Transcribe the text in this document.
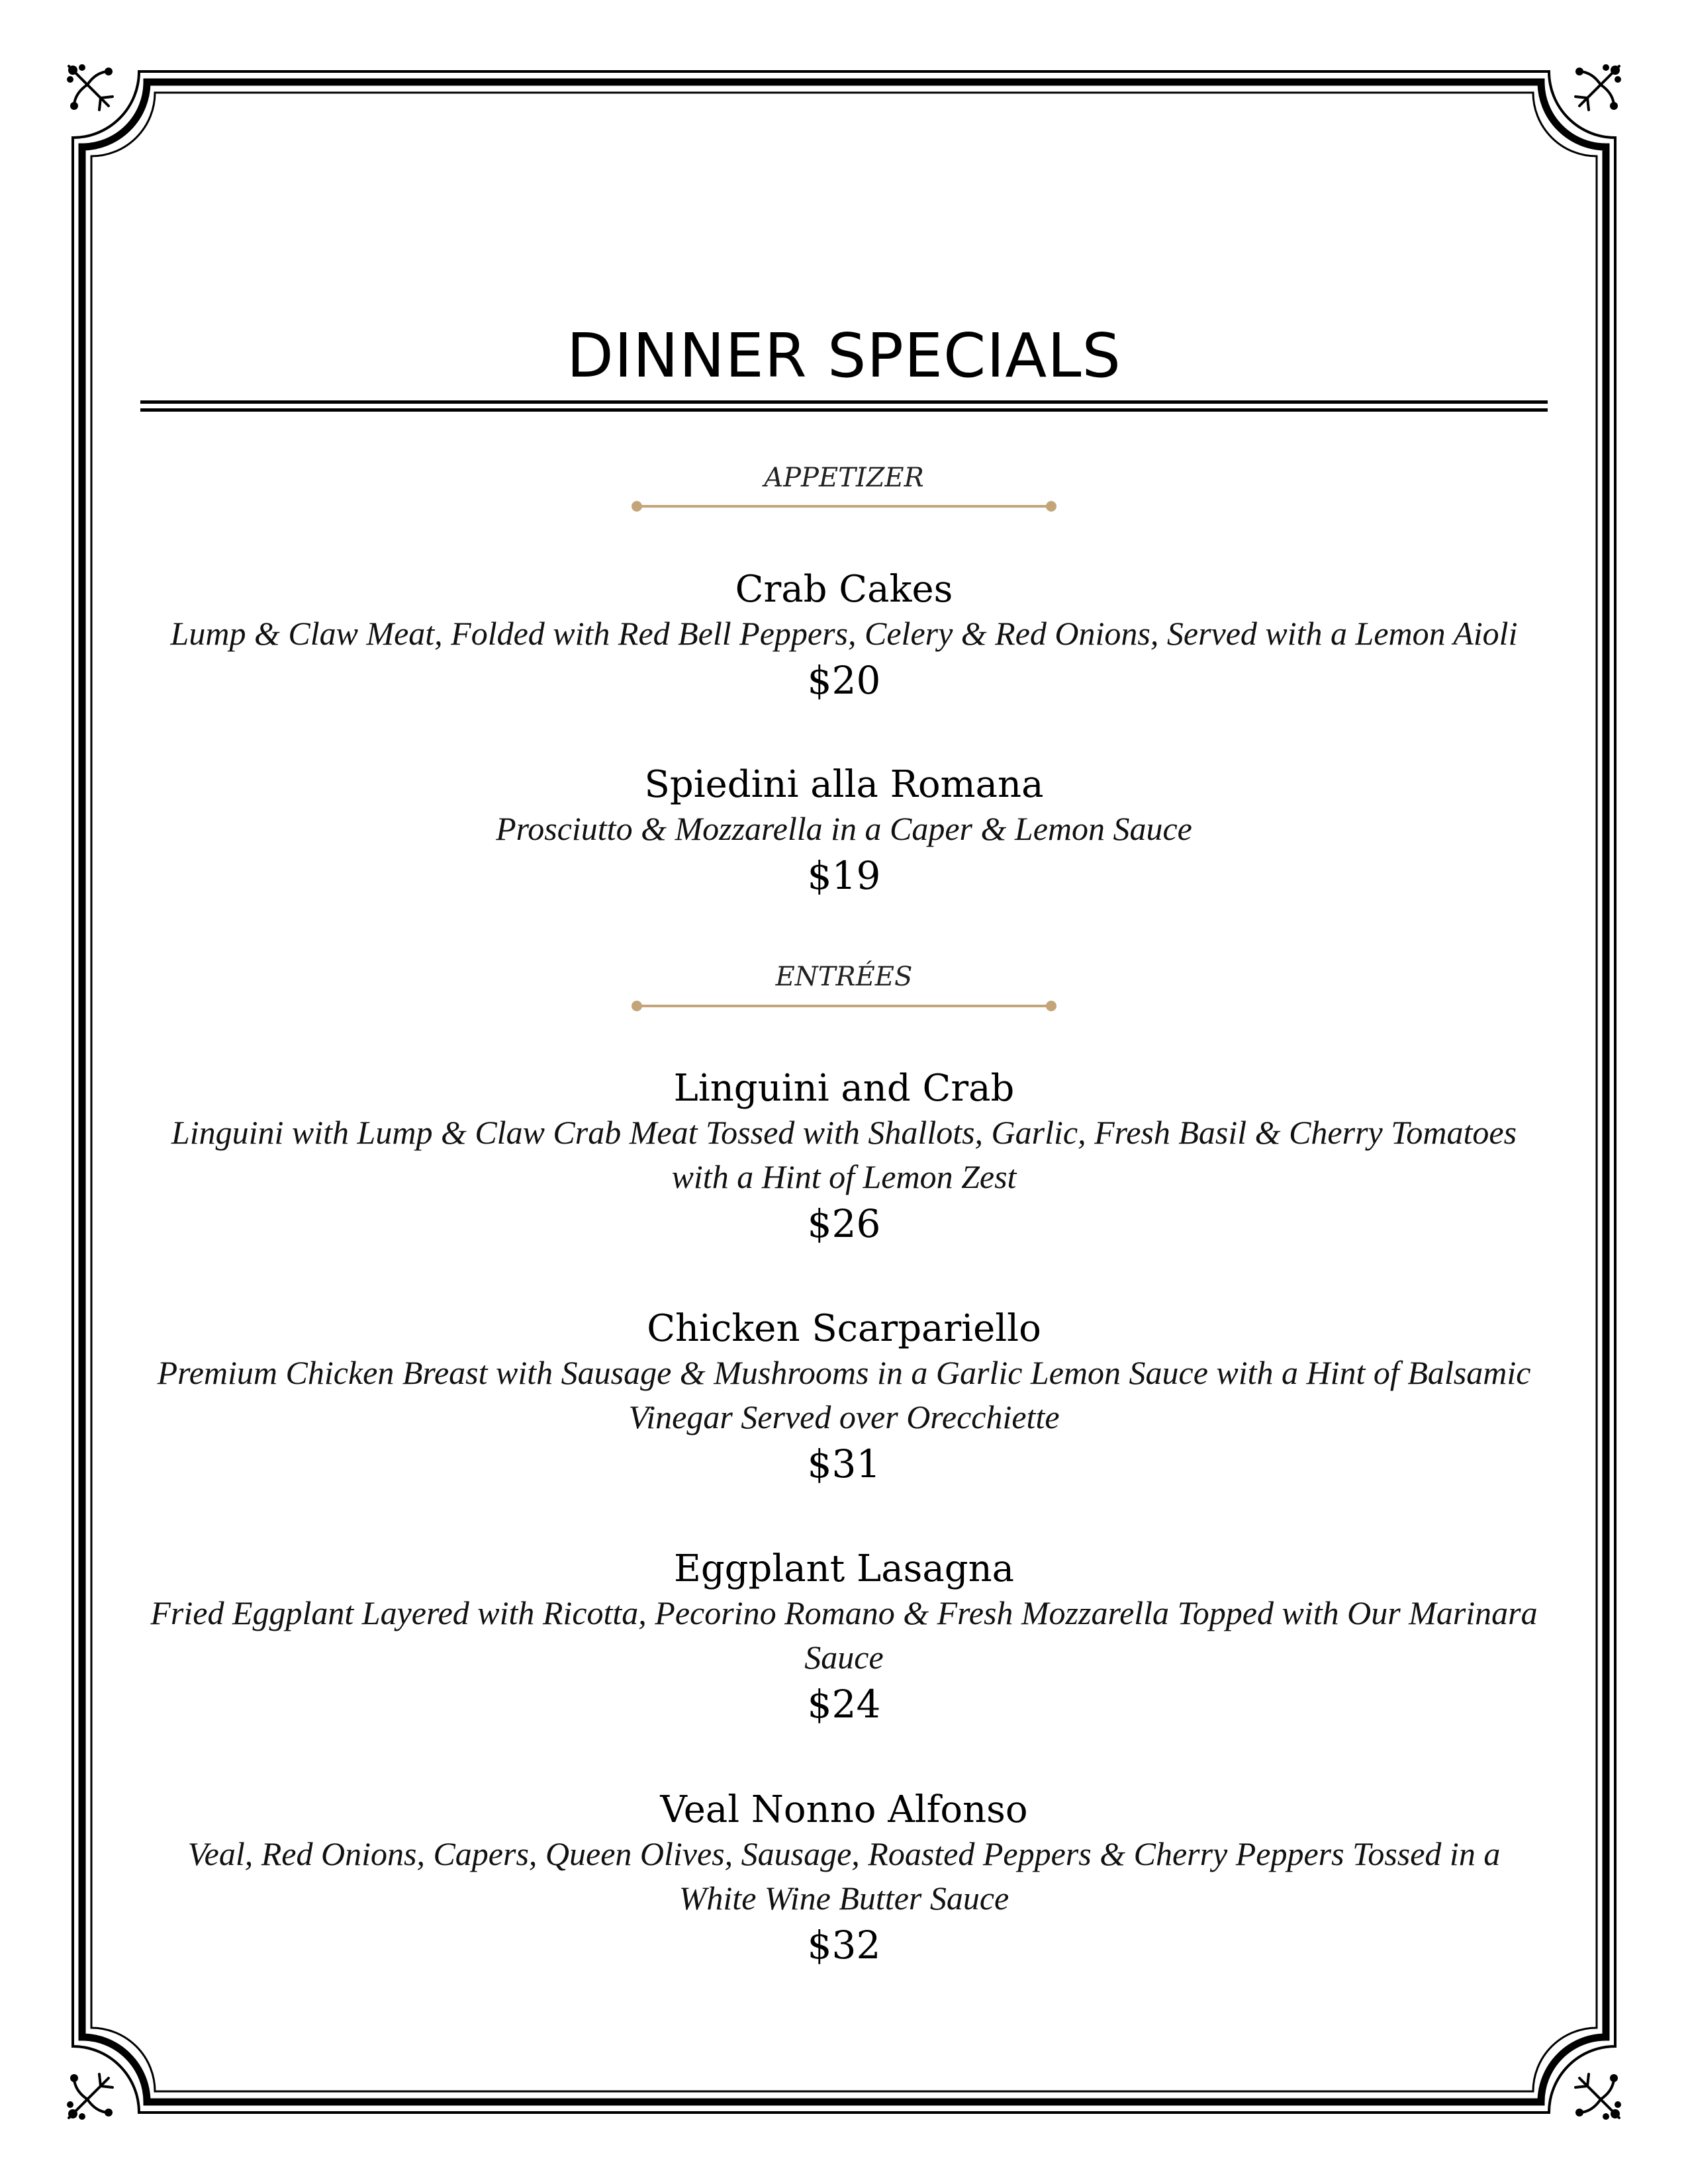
DINNER SPECIALS
APPETIZER
Crab Cakes
Lump & Claw Meat, Folded with Red Bell Peppers, Celery & Red Onions, Served with a Lemon Aioli
$20
Spiedini alla Romana
Prosciutto & Mozzarella in a Caper & Lemon Sauce
$19
ENTRÉES
Linguini and Crab
Linguini with Lump & Claw Crab Meat Tossed with Shallots, Garlic, Fresh Basil & Cherry Tomatoes with a Hint of Lemon Zest
$26
Chicken Scarpariello
Premium Chicken Breast with Sausage & Mushrooms in a Garlic Lemon Sauce with a Hint of Balsamic Vinegar Served over Orecchiette
$31
Eggplant Lasagna
Fried Eggplant Layered with Ricotta, Pecorino Romano & Fresh Mozzarella Topped with Our Marinara Sauce
$24
Veal Nonno Alfonso
Veal, Red Onions, Capers, Queen Olives, Sausage, Roasted Peppers & Cherry Peppers Tossed in a White Wine Butter Sauce
$32
